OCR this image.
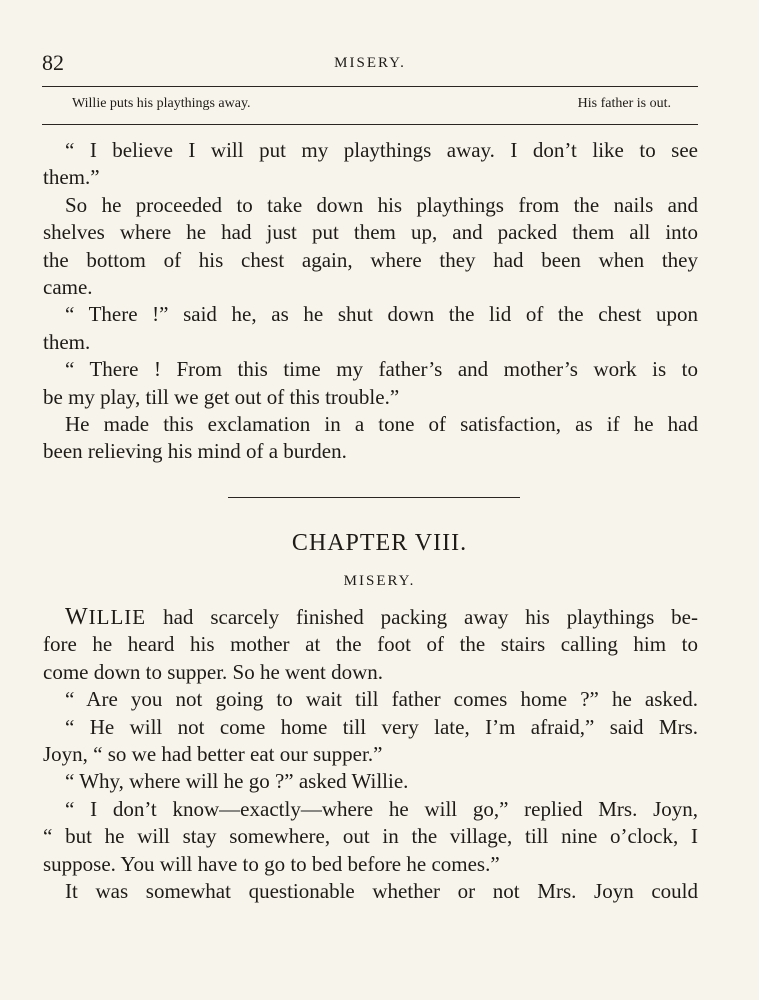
82	MISERY.
Willie puts his playthings away.	His father is out.

“ I believe I will put my playthings away. I don’t like to see

them.”

So he proceeded to take down his playthings from the nails and

shelves where he had just put them up, and packed them all into

the bottom of his chest again, where they had been when they

came.

“ There !” said he, as he shut down the lid of the chest upon

them.

“ There ! From this time my father’s and mother’s work is to

be my play, till we get out of this trouble.”

He made this exclamation in a tone of satisfaction, as if he had

been relieving his mind of a burden.

CHAPTER VIII.
MISERY.

WILLIE had scarcely finished packing away his playthings be-

fore he heard his mother at the foot of the stairs calling him to

come down to supper. So he went down.

“ Are you not going to wait till father comes home ?” he asked.

“ He will not come home till very late, I’m afraid,” said Mrs.

Joyn, “ so we had better eat our supper.”

“ Why, where will he go ?” asked Willie.

“ I don’t know—exactly—where he will go,” replied Mrs. Joyn,

“ but he will stay somewhere, out in the village, till nine o’clock, I

suppose. You will have to go to bed before he comes.”

It was somewhat questionable whether or not Mrs. Joyn could
